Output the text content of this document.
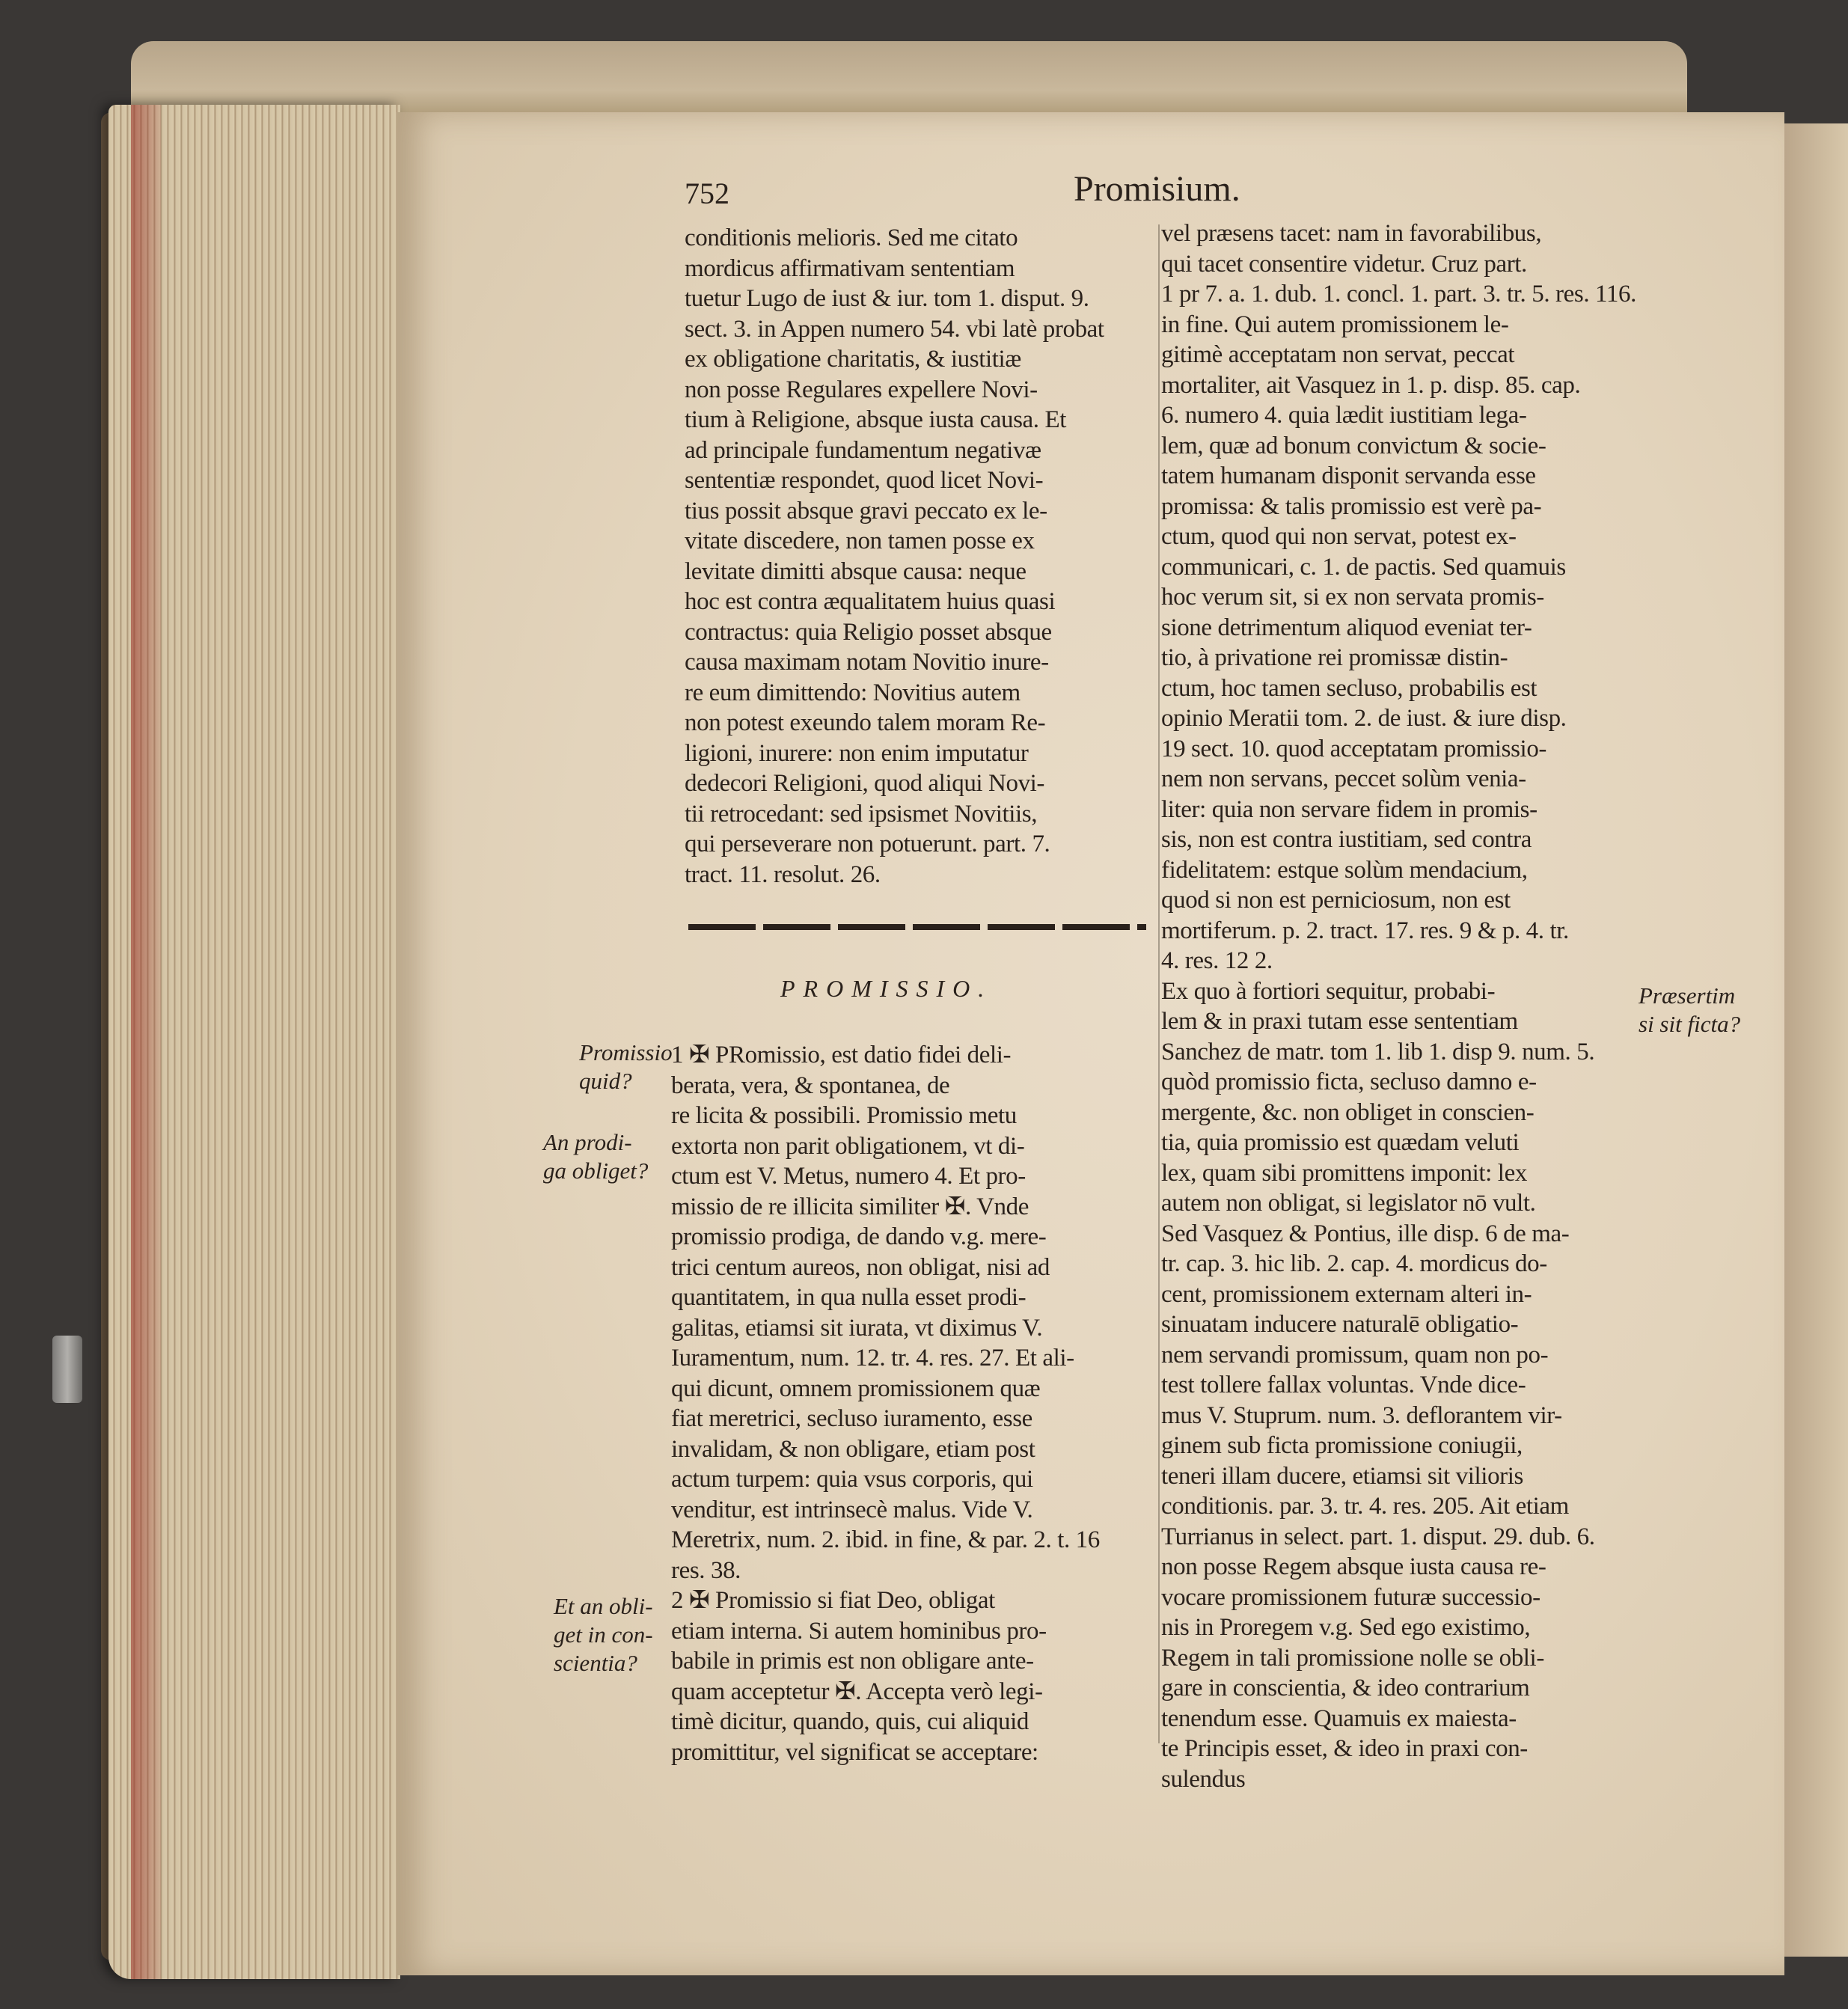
752	Promisium.
conditionis melioris. Sed me citato
mordicus affirmativam sententiam
tuetur Lugo de iust & iur. tom 1. disput. 9.
sect. 3. in Appen numero 54. vbi latè probat
ex obligatione charitatis, & iustitiæ
non posse Regulares expellere Novi-
tium à Religione, absque iusta causa. Et
ad principale fundamentum negativæ
sententiæ respondet, quod licet Novi-
tius possit absque gravi peccato ex le-
vitate discedere, non tamen posse ex
levitate dimitti absque causa: neque
hoc est contra æqualitatem huius quasi
contractus: quia Religio posset absque
causa maximam notam Novitio inure-
re eum dimittendo: Novitius autem
non potest exeundo talem moram Re-
ligioni, inurere: non enim imputatur
dedecori Religioni, quod aliqui Novi-
tii retrocedant: sed ipsismet Novitiis,
qui perseverare non potuerunt. part. 7.
tract. 11. resolut. 26.
PROMISSIO.
1 ✠ PRomissio, est datio fidei deli-
berata, vera, & spontanea, de
re licita & possibili. Promissio metu
extorta non parit obligationem, vt di-
ctum est V. Metus, numero 4. Et pro-
missio de re illicita similiter ✠. Vnde
promissio prodiga, de dando v.g. mere-
trici centum aureos, non obligat, nisi ad
quantitatem, in qua nulla esset prodi-
galitas, etiamsi sit iurata, vt diximus V.
Iuramentum, num. 12. tr. 4. res. 27. Et ali-
qui dicunt, omnem promissionem quæ
fiat meretrici, secluso iuramento, esse
invalidam, & non obligare, etiam post
actum turpem: quia vsus corporis, qui
venditur, est intrinsecè malus. Vide V.
Meretrix, num. 2. ibid. in fine, & par. 2. t. 16
res. 38.
2 ✠ Promissio si fiat Deo, obligat
etiam interna. Si autem hominibus pro-
babile in primis est non obligare ante-
quam acceptetur ✠. Accepta verò legi-
timè dicitur, quando, quis, cui aliquid
promittitur, vel significat se acceptare:
vel præsens tacet: nam in favorabilibus,
qui tacet consentire videtur. Cruz part.
1 pr 7. a. 1. dub. 1. concl. 1. part. 3. tr. 5. res. 116.
in fine. Qui autem promissionem le-
gitimè acceptatam non servat, peccat
mortaliter, ait Vasquez in 1. p. disp. 85. cap.
6. numero 4. quia lædit iustitiam lega-
lem, quæ ad bonum convictum & socie-
tatem humanam disponit servanda esse
promissa: & talis promissio est verè pa-
ctum, quod qui non servat, potest ex-
communicari, c. 1. de pactis. Sed quamuis
hoc verum sit, si ex non servata promis-
sione detrimentum aliquod eveniat ter-
tio, à privatione rei promissæ distin-
ctum, hoc tamen secluso, probabilis est
opinio Meratii tom. 2. de iust. & iure disp.
19 sect. 10. quod acceptatam promissio-
nem non servans, peccet solùm venia-
liter: quia non servare fidem in promis-
sis, non est contra iustitiam, sed contra
fidelitatem: estque solùm mendacium,
quod si non est perniciosum, non est
mortiferum. p. 2. tract. 17. res. 9 & p. 4. tr.
4. res. 12 2.
Ex quo à fortiori sequitur, probabi-
lem & in praxi tutam esse sententiam
Sanchez de matr. tom 1. lib 1. disp 9. num. 5.
quòd promissio ficta, secluso damno e-
mergente, &c. non obliget in conscien-
tia, quia promissio est quædam veluti
lex, quam sibi promittens imponit: lex
autem non obligat, si legislator nō vult.
Sed Vasquez & Pontius, ille disp. 6 de ma-
tr. cap. 3. hic lib. 2. cap. 4. mordicus do-
cent, promissionem externam alteri in-
sinuatam inducere naturalē obligatio-
nem servandi promissum, quam non po-
test tollere fallax voluntas. Vnde dice-
mus V. Stuprum. num. 3. deflorantem vir-
ginem sub ficta promissione coniugii,
teneri illam ducere, etiamsi sit vilioris
conditionis. par. 3. tr. 4. res. 205. Ait etiam
Turrianus in select. part. 1. disput. 29. dub. 6.
non posse Regem absque iusta causa re-
vocare promissionem futuræ successio-
nis in Proregem v.g. Sed ego existimo,
Regem in tali promissione nolle se obli-
gare in conscientia, & ideo contrarium
tenendum esse. Quamuis ex maiesta-
te Principis esset, & ideo in praxi con-
sulendus
Promissio
quid?
An prodi-
ga obliget?
Et an obli-
get in con-
scientia?
Præsertim
si sit ficta?
